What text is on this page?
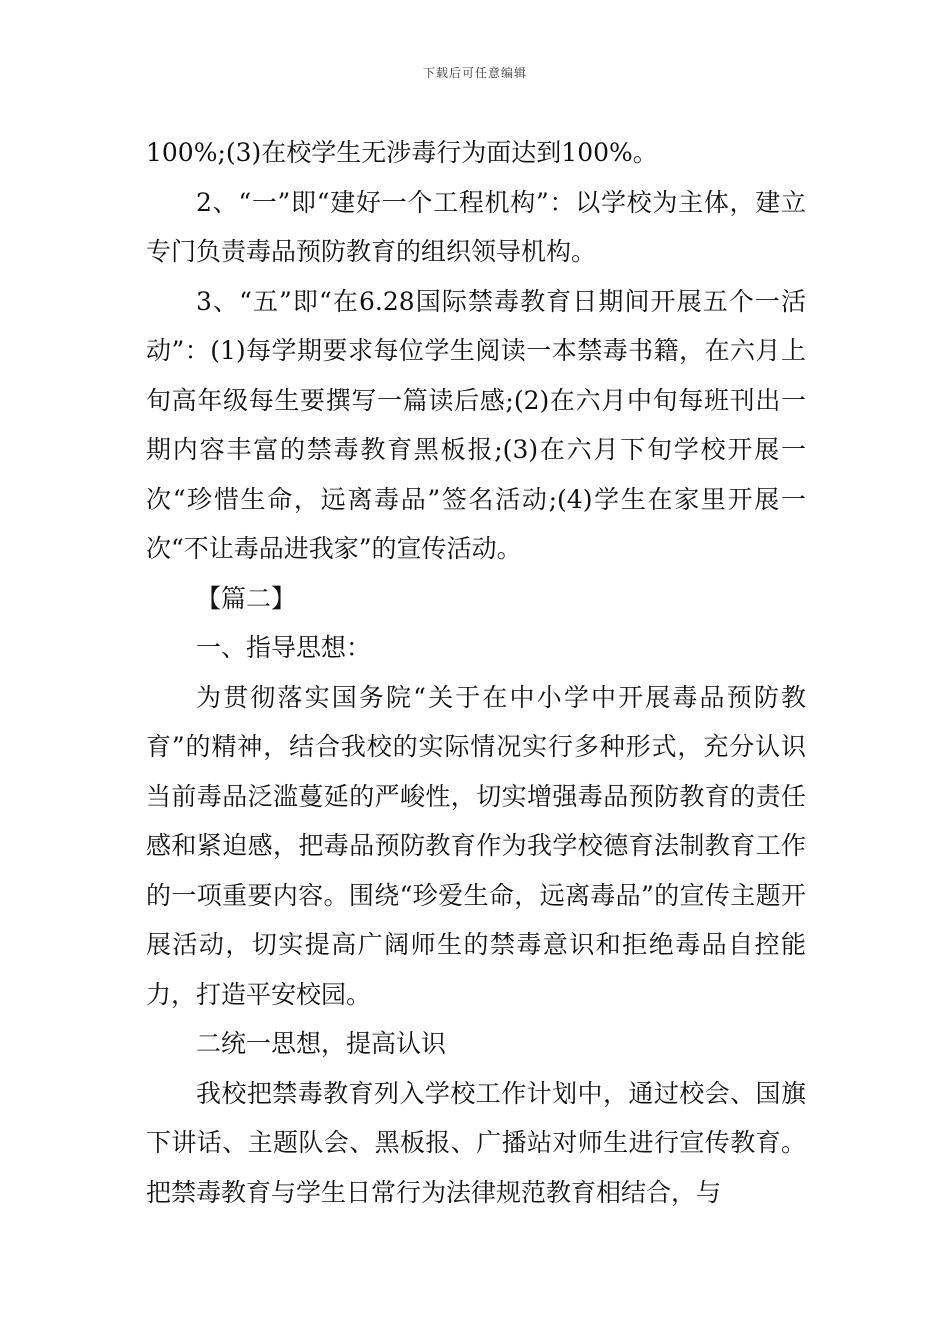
下载后可任意编辑

100%;(3)在校学生无涉毒行为面达到100%。

2、“一”即“建好一个工程机构”：以学校为主体，建立专门负责毒品预防教育的组织领导机构。

3、“五”即“在6.28国际禁毒教育日期间开展五个一活动”：(1)每学期要求每位学生阅读一本禁毒书籍，在六月上旬高年级每生要撰写一篇读后感;(2)在六月中旬每班刊出一期内容丰富的禁毒教育黑板报;(3)在六月下旬学校开展一次“珍惜生命，远离毒品”签名活动;(4)学生在家里开展一次“不让毒品进我家”的宣传活动。

【篇二】

一、指导思想：

为贯彻落实国务院“关于在中小学中开展毒品预防教育”的精神，结合我校的实际情况实行多种形式，充分认识当前毒品泛滥蔓延的严峻性，切实增强毒品预防教育的责任感和紧迫感，把毒品预防教育作为我学校德育法制教育工作的一项重要内容。围绕“珍爱生命，远离毒品”的宣传主题开展活动，切实提高广阔师生的禁毒意识和拒绝毒品自控能力，打造平安校园。

二统一思想，提高认识

我校把禁毒教育列入学校工作计划中，通过校会、国旗下讲话、主题队会、黑板报、广播站对师生进行宣传教育。把禁毒教育与学生日常行为法律规范教育相结合，与
